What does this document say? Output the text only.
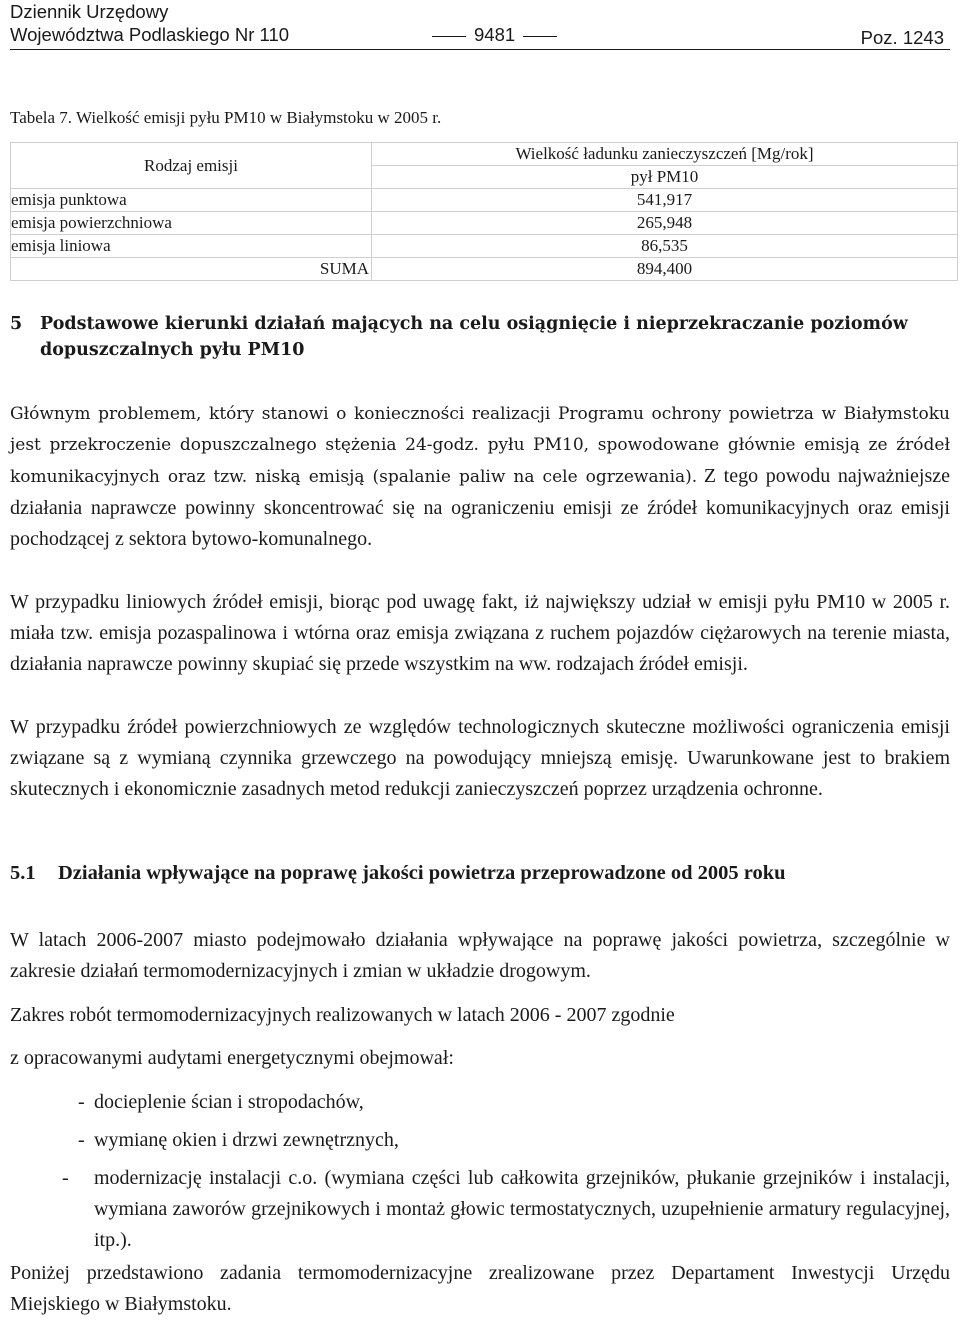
Dziennik Urzędowy
Województwa Podlaskiego Nr 110	9481	Poz. 1243
Tabela 7. Wielkość emisji pyłu PM10 w Białymstoku w 2005 r.
Rodzaj emisji	Wielkość ładunku zanieczyszczeń [Mg/rok]
	pył PM10
emisja punktowa	541,917
emisja powierzchniowa	265,948
emisja liniowa	86,535
SUMA	894,400
5 Podstawowe kierunki działań mających na celu osiągnięcie i nieprzekraczanie poziomów
dopuszczalnych pyłu PM10
Głównym problemem, który stanowi o konieczności realizacji Programu ochrony powietrza w Białymstoku jest przekroczenie dopuszczalnego stężenia 24-godz. pyłu PM10, spowodowane głównie emisją ze źródeł komunikacyjnych oraz tzw. niską emisją (spalanie paliw na cele ogrzewania). Z tego powodu najważniejsze działania naprawcze powinny skoncentrować się na ograniczeniu emisji ze źródeł komunikacyjnych oraz emisji pochodzącej z sektora bytowo-komunalnego.
W przypadku liniowych źródeł emisji, biorąc pod uwagę fakt, iż największy udział w emisji pyłu PM10 w 2005 r. miała tzw. emisja pozaspalinowa i wtórna oraz emisja związana z ruchem pojazdów ciężarowych na terenie miasta, działania naprawcze powinny skupiać się przede wszystkim na ww. rodzajach źródeł emisji.
W przypadku źródeł powierzchniowych ze względów technologicznych skuteczne możliwości ograniczenia emisji związane są z wymianą czynnika grzewczego na powodujący mniejszą emisję. Uwarunkowane jest to brakiem skutecznych i ekonomicznie zasadnych metod redukcji zanieczyszczeń poprzez urządzenia ochronne.
5.1 Działania wpływające na poprawę jakości powietrza przeprowadzone od 2005 roku
W latach 2006-2007 miasto podejmowało działania wpływające na poprawę jakości powietrza, szczególnie w zakresie działań termomodernizacyjnych i zmian w układzie drogowym.
Zakres robót termomodernizacyjnych realizowanych w latach 2006 - 2007 zgodnie
z opracowanymi audytami energetycznymi obejmował:
- docieplenie ścian i stropodachów,
- wymianę okien i drzwi zewnętrznych,
- modernizację instalacji c.o. (wymiana części lub całkowita grzejników, płukanie grzejników i instalacji, wymiana zaworów grzejnikowych i montaż głowic termostatycznych, uzupełnienie armatury regulacyjnej, itp.).
Poniżej przedstawiono zadania termomodernizacyjne zrealizowane przez Departament Inwestycji Urzędu Miejskiego w Białymstoku.
